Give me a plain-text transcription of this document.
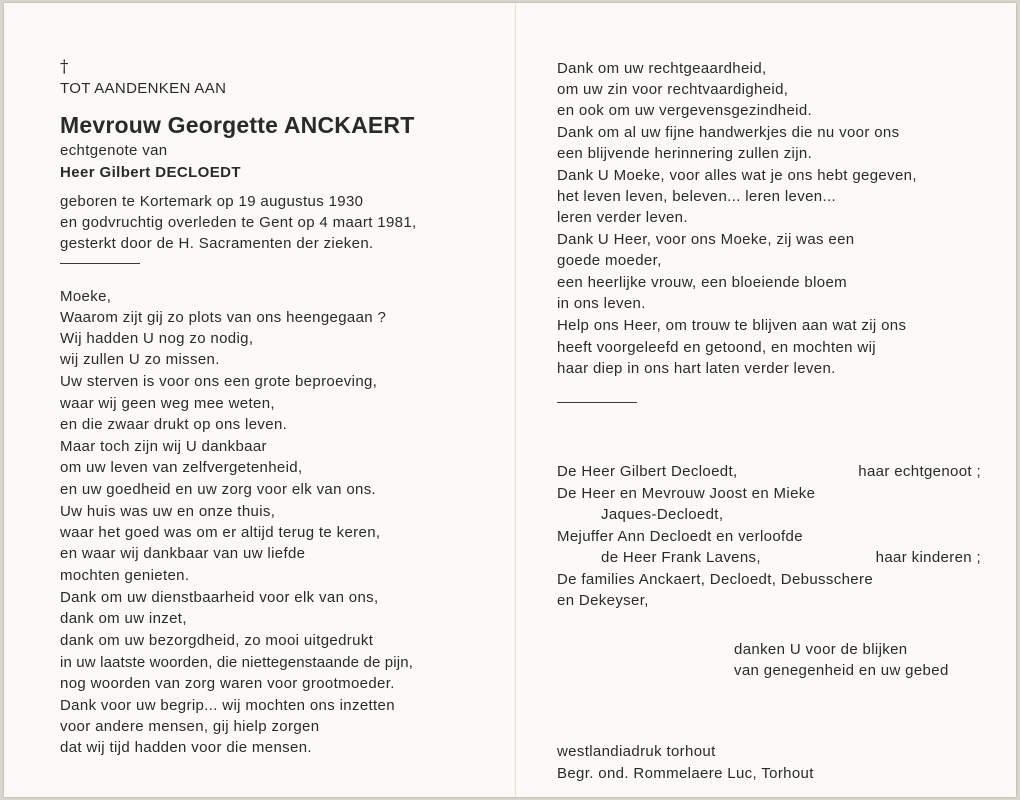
†
TOT AANDENKEN AAN
Mevrouw Georgette ANCKAERT
echtgenote van
Heer Gilbert DECLOEDT
geboren te Kortemark op 19 augustus 1930
en godvruchtig overleden te Gent op 4 maart 1981,
gesterkt door de H. Sacramenten der zieken.
Moeke,
Waarom zijt gij zo plots van ons heengegaan ?
Wij hadden U nog zo nodig,
wij zullen U zo missen.
Uw sterven is voor ons een grote beproeving,
waar wij geen weg mee weten,
en die zwaar drukt op ons leven.
Maar toch zijn wij U dankbaar
om uw leven van zelfvergetenheid,
en uw goedheid en uw zorg voor elk van ons.
Uw huis was uw en onze thuis,
waar het goed was om er altijd terug te keren,
en waar wij dankbaar van uw liefde
mochten genieten.
Dank om uw dienstbaarheid voor elk van ons,
dank om uw inzet,
dank om uw bezorgdheid, zo mooi uitgedrukt
in uw laatste woorden, die niettegenstaande de pijn,
nog woorden van zorg waren voor grootmoeder.
Dank voor uw begrip... wij mochten ons inzetten
voor andere mensen, gij hielp zorgen
dat wij tijd hadden voor die mensen.
Dank om uw rechtgeaardheid,
om uw zin voor rechtvaardigheid,
en ook om uw vergevensgezindheid.
Dank om al uw fijne handwerkjes die nu voor ons
een blijvende herinnering zullen zijn.
Dank U Moeke, voor alles wat je ons hebt gegeven,
het leven leven, beleven... leren leven...
leren verder leven.
Dank U Heer, voor ons Moeke, zij was een
goede moeder,
een heerlijke vrouw, een bloeiende bloem
in ons leven.
Help ons Heer, om trouw te blijven aan wat zij ons
heeft voorgeleefd en getoond, en mochten wij
haar diep in ons hart laten verder leven.
De Heer Gilbert Decloedt,	haar echtgenoot ;
De Heer en Mevrouw Joost en Mieke
Jaques-Decloedt,
Mejuffer Ann Decloedt en verloofde
de Heer Frank Lavens,	haar kinderen ;
De families Anckaert, Decloedt, Debusschere
en Dekeyser,
danken U voor de blijken
van genegenheid en uw gebed
westlandiadruk torhout
Begr. ond. Rommelaere Luc, Torhout
